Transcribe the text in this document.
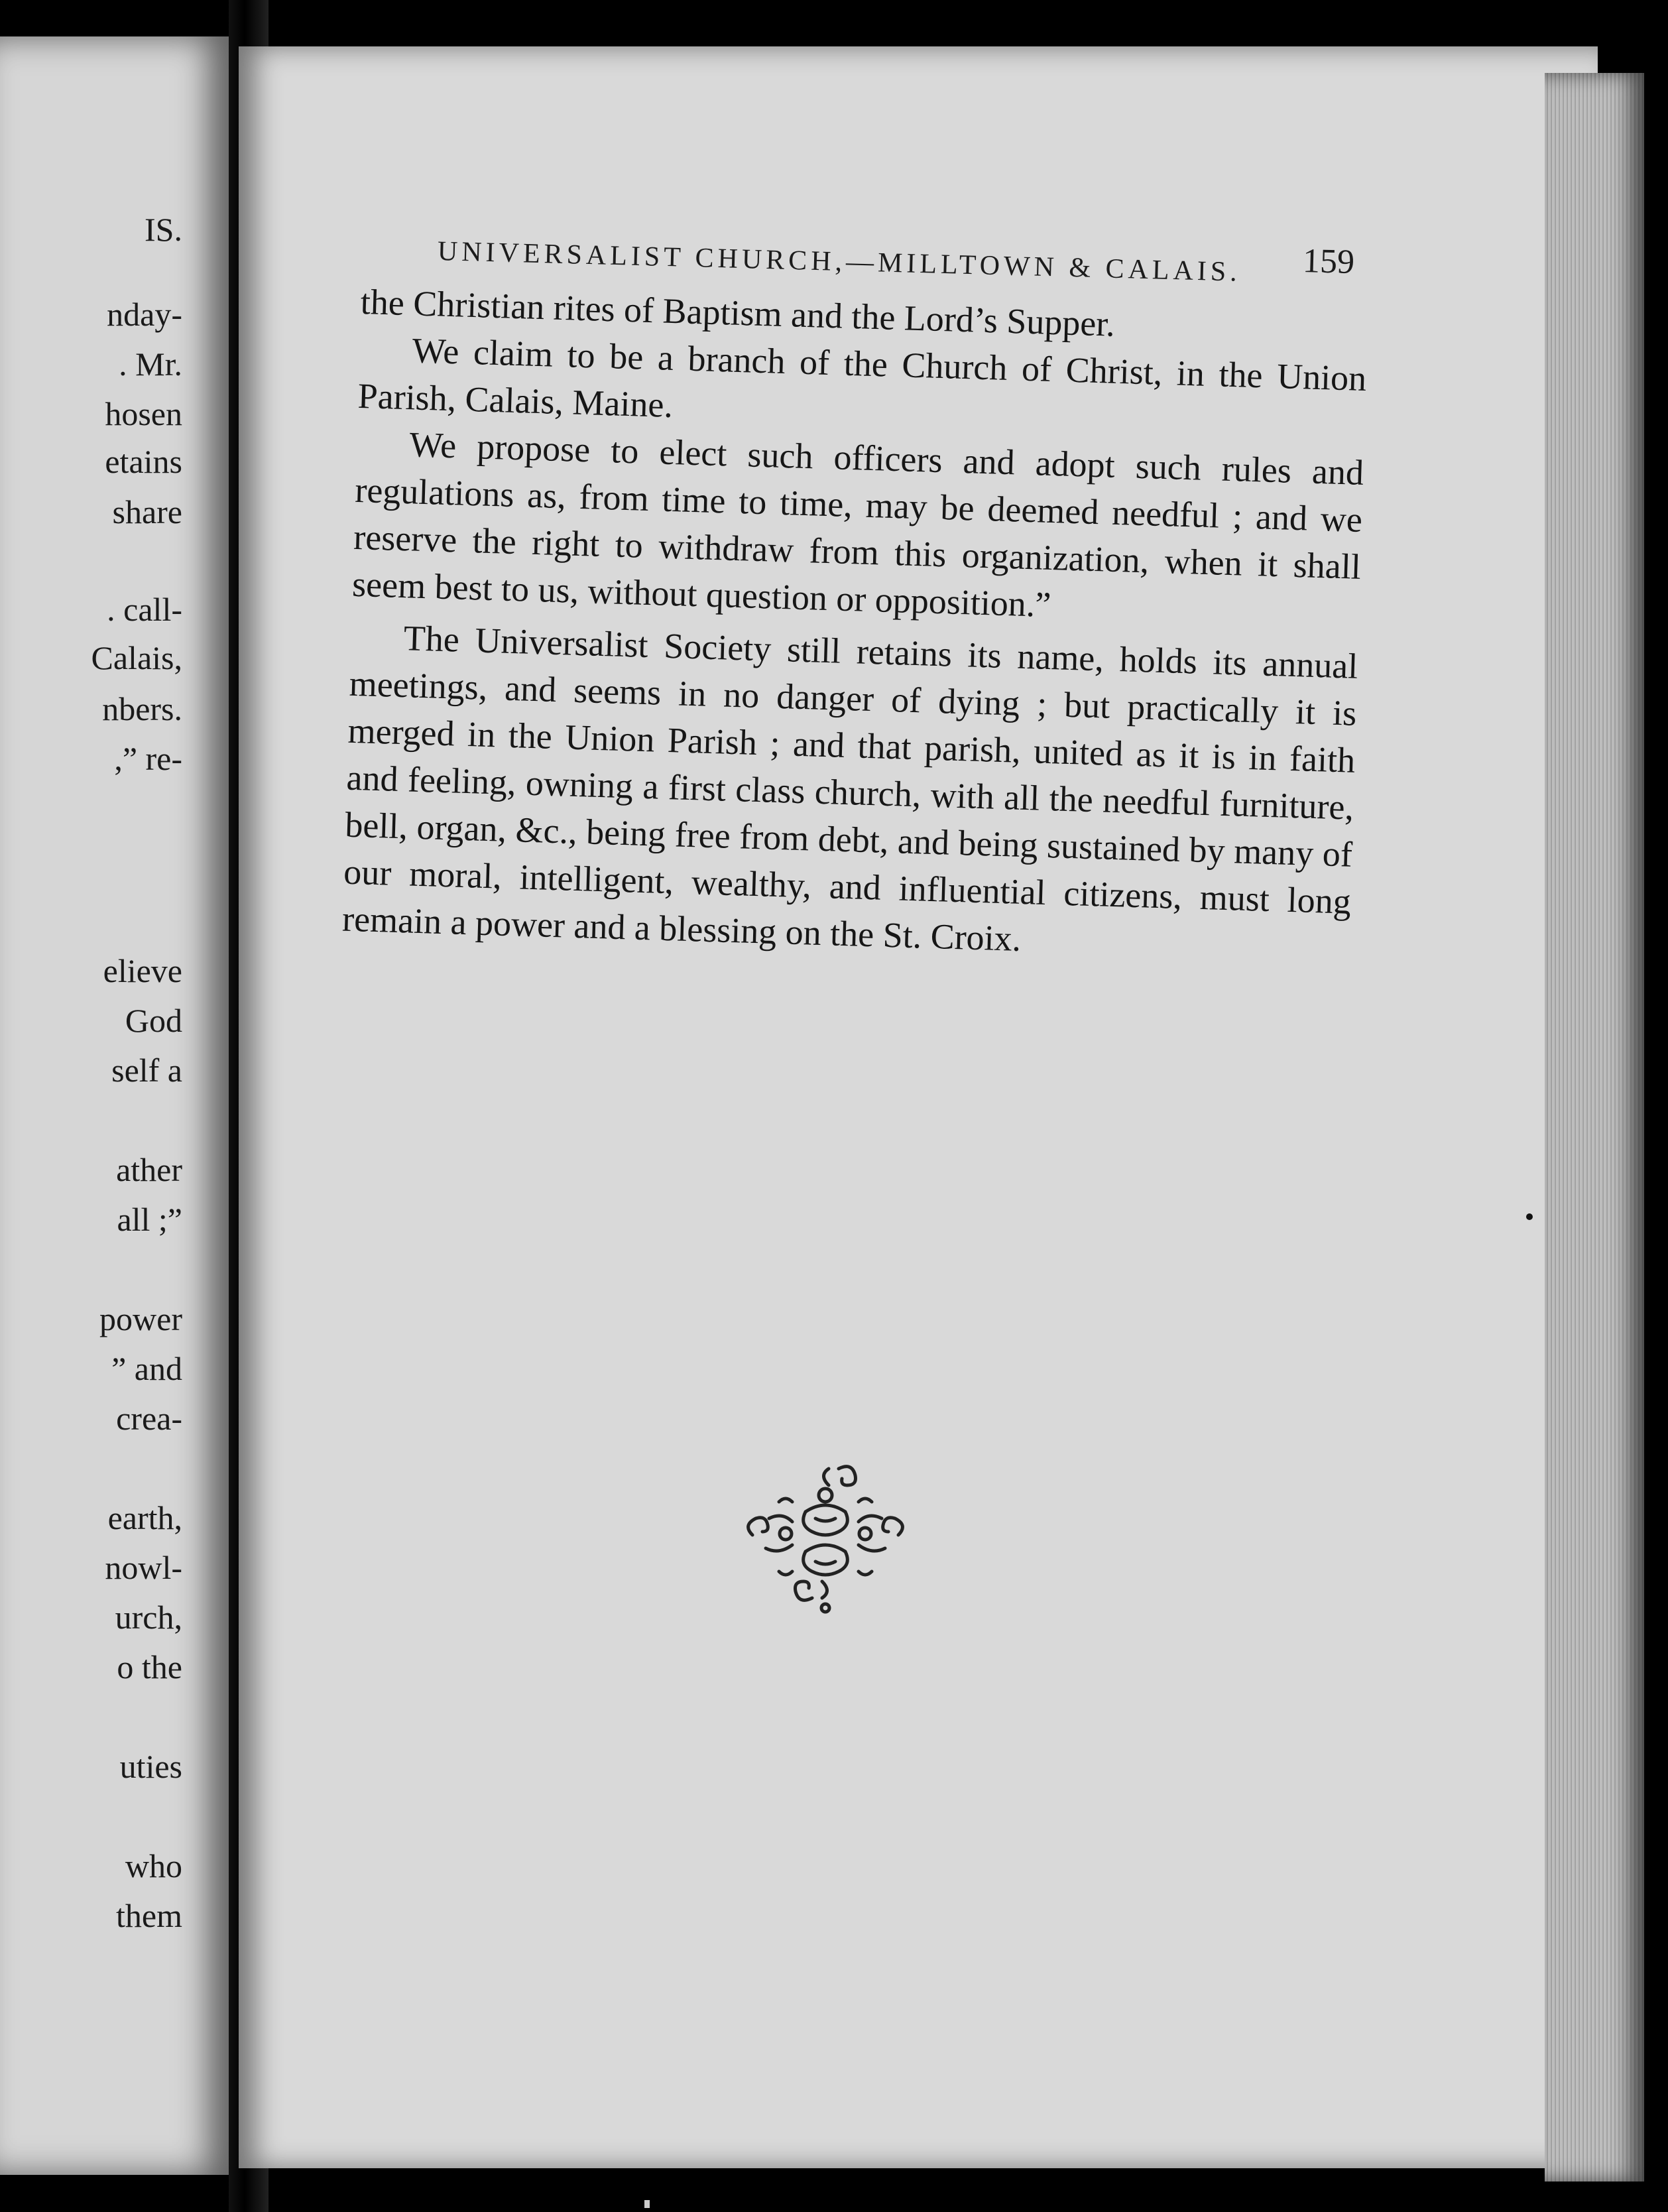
IS.
nday-
. Mr.
hosen
etains
share
. call-
Calais,
nbers.
,” re-
elieve
God
self a
ather
all ;”
power
” and
crea-
earth,
nowl-
urch,
o the
uties
who
them
UNIVERSALIST CHURCH,—MILLTOWN & CALAIS. 159

the Christian rites of Baptism and the Lord’s Supper.

We claim to be a branch of the Church of Christ, in the Union Parish, Calais, Maine.

We propose to elect such officers and adopt such rules and regulations as, from time to time, may be deemed needful ; and we reserve the right to withdraw from this organization, when it shall seem best to us, without question or opposition.”

The Universalist Society still retains its name, holds its annual meetings, and seems in no danger of dying ; but practically it is merged in the Union Parish ; and that parish, united as it is in faith and feeling, owning a first class church, with all the needful furniture, bell, organ, &c., being free from debt, and being sustained by many of our moral, intelligent, wealthy, and influential citizens, must long remain a power and a blessing on the St. Croix.
